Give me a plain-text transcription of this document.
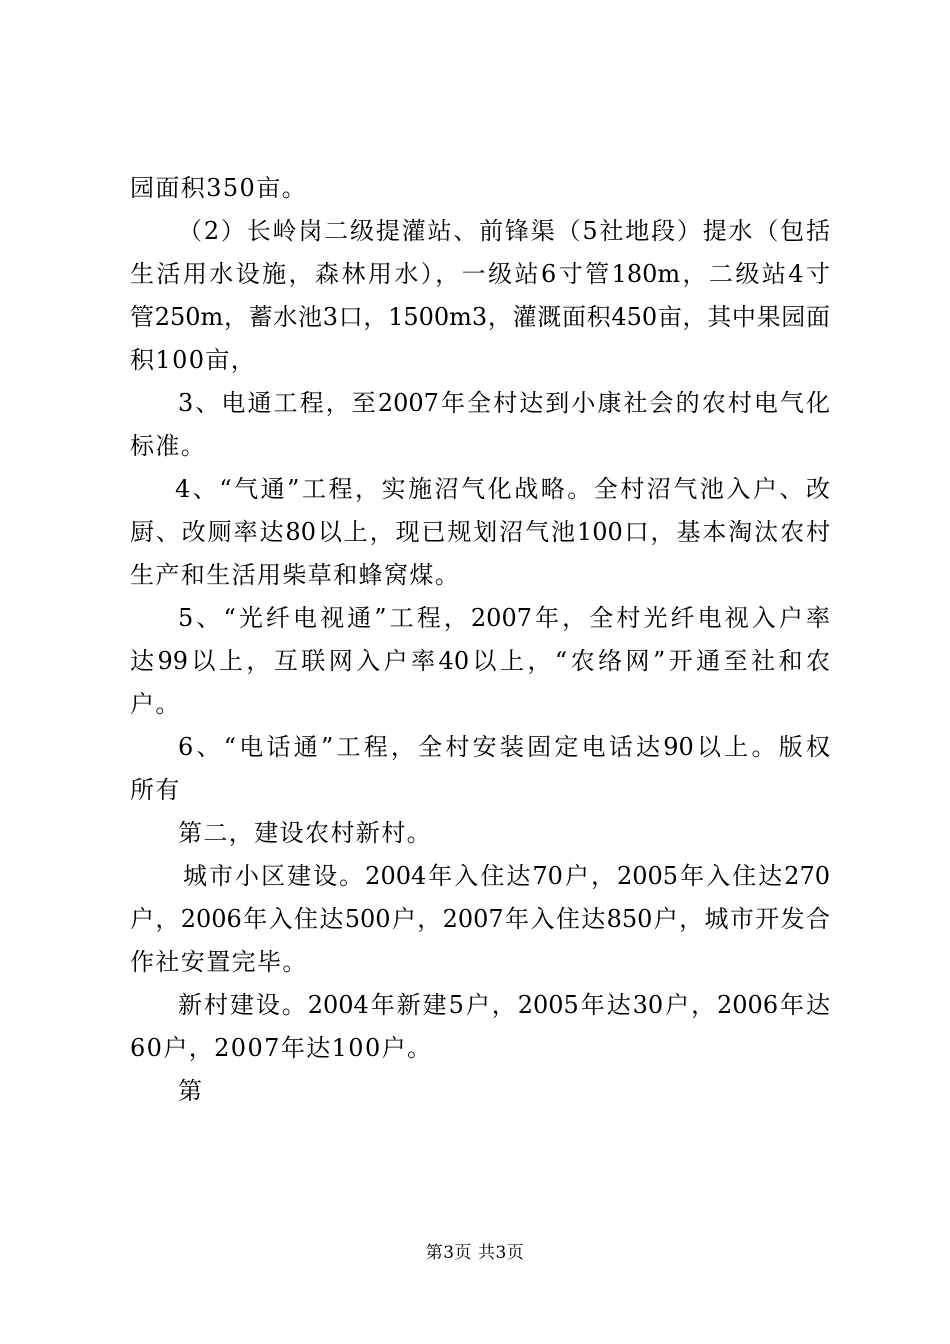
园面积350亩。
（2）长岭岗二级提灌站、前锋渠（5社地段）提水（包括
生活用水设施，森林用水），一级站6寸管180m，二级站4寸
管250m，蓄水池3口，1500m3，灌溉面积450亩，其中果园面
积100亩，
3、电通工程，至2007年全村达到小康社会的农村电气化
标准。
4、“气通”工程，实施沼气化战略。全村沼气池入户、改
厨、改厕率达80以上，现已规划沼气池100口，基本淘汰农村
生产和生活用柴草和蜂窝煤。
5、“光纤电视通”工程，2007年，全村光纤电视入户率
达99以上，互联网入户率40以上，“农络网”开通至社和农
户。
6、“电话通”工程，全村安装固定电话达90以上。版权
所有
第二，建设农村新村。
城市小区建设。2004年入住达70户，2005年入住达270
户，2006年入住达500户，2007年入住达850户，城市开发合
作社安置完毕。
新村建设。2004年新建5户，2005年达30户，2006年达
60户，2007年达100户。
第
第3页 共3页
